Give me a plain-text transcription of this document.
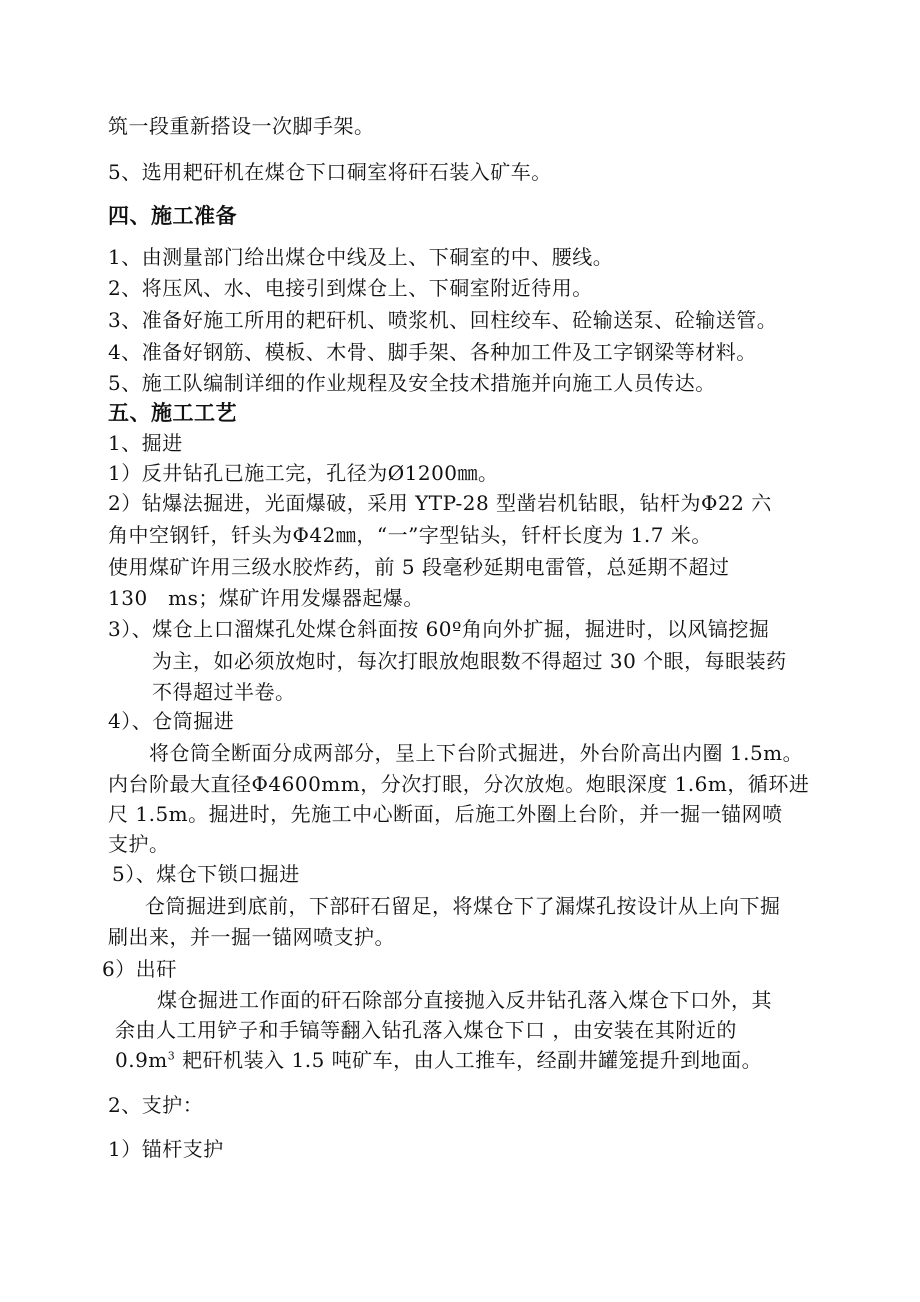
筑一段重新搭设一次脚手架。
5、选用耙矸机在煤仓下口硐室将矸石装入矿车。
四、施工准备
1、由测量部门给出煤仓中线及上、下硐室的中、腰线。
2、将压风、水、电接引到煤仓上、下硐室附近待用。
3、准备好施工所用的耙矸机、喷浆机、回柱绞车、砼输送泵、砼输送管。
4、准备好钢筋、模板、木骨、脚手架、各种加工件及工字钢梁等材料。
5、施工队编制详细的作业规程及安全技术措施并向施工人员传达。
五、施工工艺
1、掘进
1）反井钻孔已施工完，孔径为Ø1200㎜。
2）钻爆法掘进，光面爆破，采用 YTP-28 型凿岩机钻眼，钻杆为Φ22 六
角中空钢钎，钎头为Φ42㎜，“一”字型钻头，钎杆长度为 1.7 米。
使用煤矿许用三级水胶炸药，前 5 段毫秒延期电雷管，总延期不超过
130　ms；煤矿许用发爆器起爆。
3）、煤仓上口溜煤孔处煤仓斜面按 60º角向外扩掘，掘进时，以风镐挖掘
为主，如必须放炮时，每次打眼放炮眼数不得超过 30 个眼，每眼装药
不得超过半卷。
4）、仓筒掘进
将仓筒全断面分成两部分，呈上下台阶式掘进，外台阶高出内圈 1.5m。
内台阶最大直径Φ4600mm，分次打眼，分次放炮。炮眼深度 1.6m，循环进
尺 1.5m。掘进时，先施工中心断面，后施工外圈上台阶，并一掘一锚网喷
支护。
5）、煤仓下锁口掘进
仓筒掘进到底前，下部矸石留足，将煤仓下了漏煤孔按设计从上向下掘
刷出来，并一掘一锚网喷支护。
6）出矸
煤仓掘进工作面的矸石除部分直接抛入反井钻孔落入煤仓下口外，其
余由人工用铲子和手镐等翻入钻孔落入煤仓下口 ，由安装在其附近的
$0.9m^3$ 耙矸机装入 1.5 吨矿车，由人工推车，经副井罐笼提升到地面。
2、支护：
1）锚杆支护
